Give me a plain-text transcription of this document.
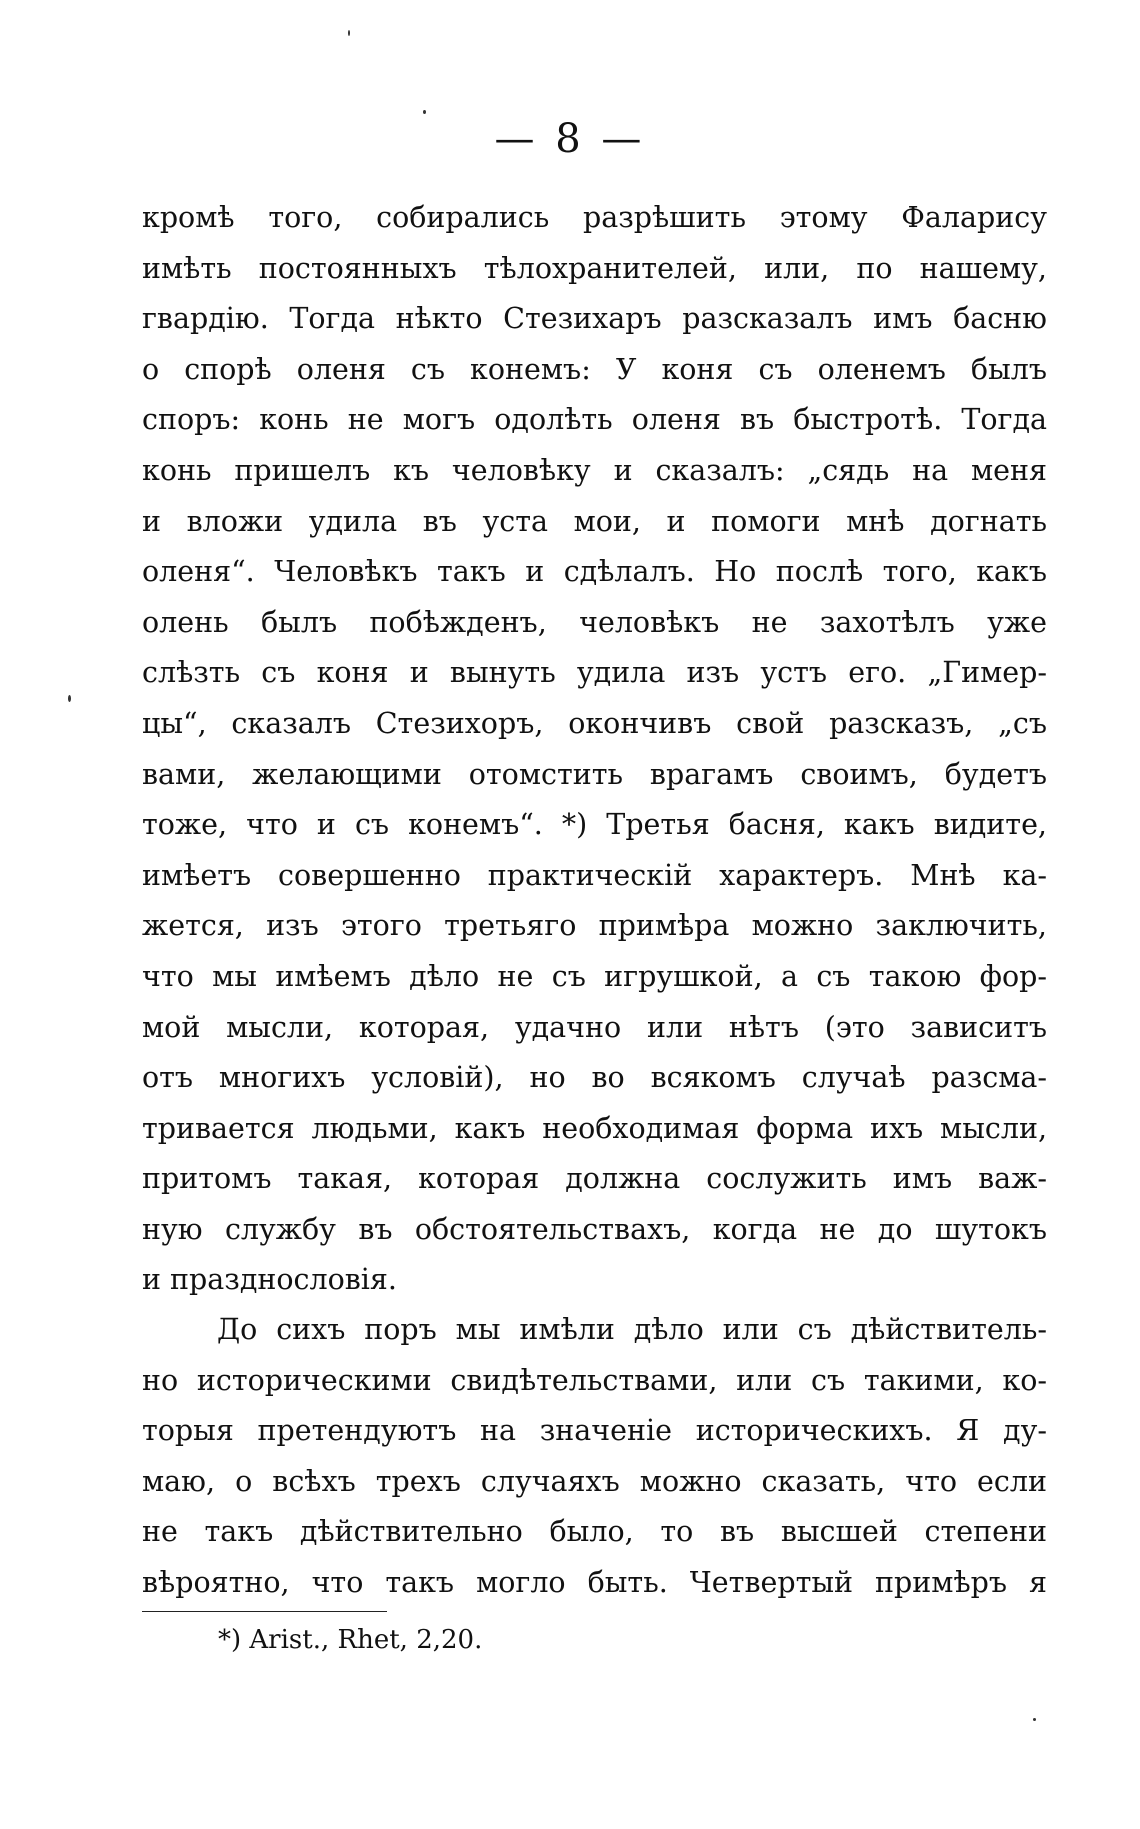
— 8 —
кромѣ того, собирались разрѣшить этому Фаларису
имѣть постоянныхъ тѣлохранителей, или, по нашему,
гвардію. Тогда нѣкто Стезихаръ разсказалъ имъ басню
о спорѣ оленя съ конемъ: У коня съ оленемъ былъ
споръ: конь не могъ одолѣть оленя въ быстротѣ. Тогда
конь пришелъ къ человѣку и сказалъ: „сядь на меня
и вложи удила въ уста мои, и помоги мнѣ догнать
оленя“. Человѣкъ такъ и сдѣлалъ. Но послѣ того, какъ
олень былъ побѣжденъ, человѣкъ не захотѣлъ уже
слѣзть съ коня и вынуть удила изъ устъ его. „Гимер-
цы“, сказалъ Стезихоръ, окончивъ свой разсказъ, „съ
вами, желающими отомстить врагамъ своимъ, будетъ
тоже, что и съ конемъ“. *) Третья басня, какъ видите,
имѣетъ совершенно практическій характеръ. Мнѣ ка-
жется, изъ этого третьяго примѣра можно заключить,
что мы имѣемъ дѣло не съ игрушкой, а съ такою фор-
мой мысли, которая, удачно или нѣтъ (это зависитъ
отъ многихъ условій), но во всякомъ случаѣ разсма-
тривается людьми, какъ необходимая форма ихъ мысли,
притомъ такая, которая должна сослужить имъ важ-
ную службу въ обстоятельствахъ, когда не до шутокъ
и празднословія.
До сихъ поръ мы имѣли дѣло или съ дѣйствитель-
но историческими свидѣтельствами, или съ такими, ко-
торыя претендуютъ на значеніе историческихъ. Я ду-
маю, о всѣхъ трехъ случаяхъ можно сказать, что если
не такъ дѣйствительно было, то въ высшей степени
вѣроятно, что такъ могло быть. Четвертый примѣръ я
*) Arist., Rhet, 2,20.
